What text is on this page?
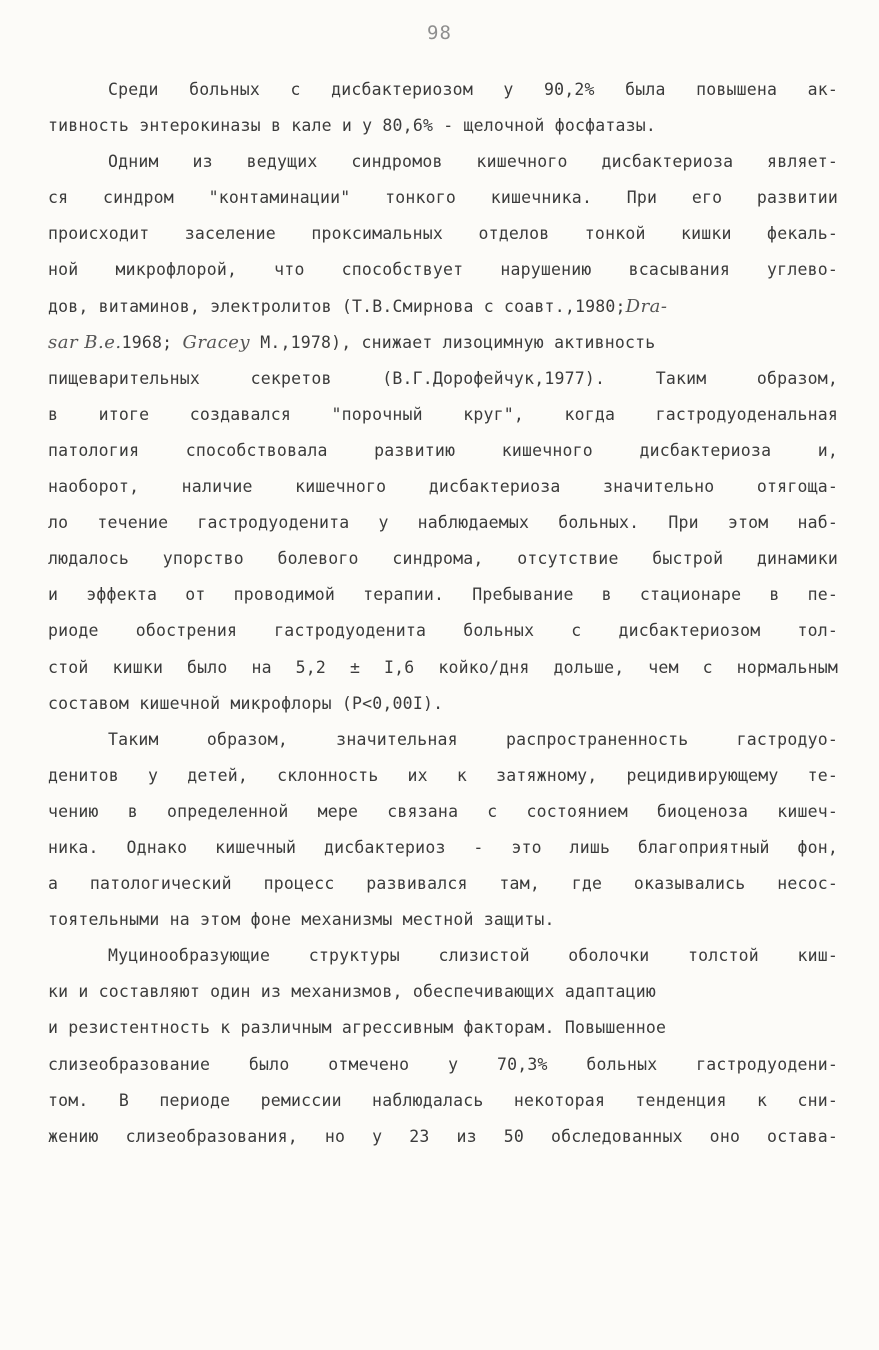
98
Среди больных с дисбактериозом у 90,2% была повышена ак-
тивность энтерокиназы в кале и у 80,6% - щелочной фосфатазы.
Одним из ведущих синдромов кишечного дисбактериоза являет-
ся синдром "контаминации" тонкого кишечника. При его развитии
происходит заселение проксимальных отделов тонкой кишки фекаль-
ной микрофлорой, что способствует нарушению всасывания углево-
дов, витаминов, электролитов (Т.В.Смирнова с соавт.,1980;Dra-
sar B.e.1968; Gracey M.,1978), снижает лизоцимную активность
пищеварительных секретов (В.Г.Дорофейчук,1977). Таким образом,
в итоге создавался "порочный круг", когда гастродуоденальная
патология способствовала развитию кишечного дисбактериоза и,
наоборот, наличие кишечного дисбактериоза значительно отягоща-
ло течение гастродуоденита у наблюдаемых больных. При этом наб-
людалось упорство болевого синдрома, отсутствие быстрой динамики
и эффекта от проводимой терапии. Пребывание в стационаре в пе-
риоде обострения гастродуоденита больных с дисбактериозом тол-
стой кишки было на 5,2 ± I,6 койко/дня дольше, чем с нормальным
составом кишечной микрофлоры (Р<0,00I).
Таким образом, значительная распространенность гастродуо-
денитов у детей, склонность их к затяжному, рецидивирующему те-
чению в определенной мере связана с состоянием биоценоза кишеч-
ника. Однако кишечный дисбактериоз - это лишь благоприятный фон,
а патологический процесс развивался там, где оказывались несос-
тоятельными на этом фоне механизмы местной защиты.
Муцинообразующие структуры слизистой оболочки толстой киш-
ки и составляют один из механизмов, обеспечивающих адаптацию
и резистентность к различным агрессивным факторам. Повышенное
слизеобразование было отмечено у 70,3% больных гастродуодени-
том. В периоде ремиссии наблюдалась некоторая тенденция к сни-
жению слизеобразования, но у 23 из 50 обследованных оно остава-
